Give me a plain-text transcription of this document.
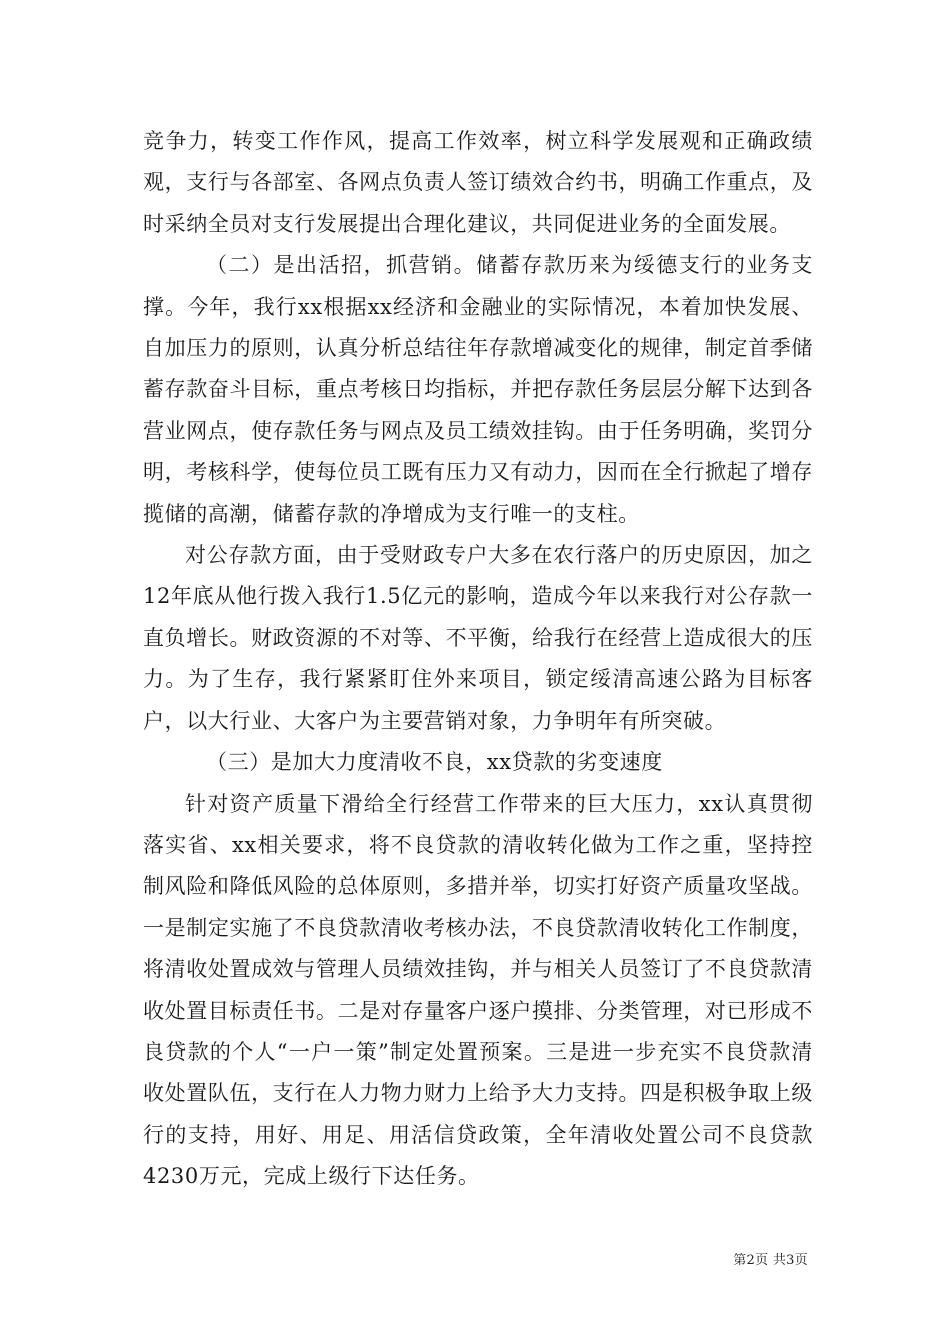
竞争力，转变工作作风，提高工作效率，树立科学发展观和正确政绩观，支行与各部室、各网点负责人签订绩效合约书，明确工作重点，及时采纳全员对支行发展提出合理化建议，共同促进业务的全面发展。

（二）是出活招，抓营销。储蓄存款历来为绥德支行的业务支撑。今年，我行xx根据xx经济和金融业的实际情况，本着加快发展、自加压力的原则，认真分析总结往年存款增减变化的规律，制定首季储蓄存款奋斗目标，重点考核日均指标，并把存款任务层层分解下达到各营业网点，使存款任务与网点及员工绩效挂钩。由于任务明确，奖罚分明，考核科学，使每位员工既有压力又有动力，因而在全行掀起了增存揽储的高潮，储蓄存款的净增成为支行唯一的支柱。

对公存款方面，由于受财政专户大多在农行落户的历史原因，加之12年底从他行拨入我行1.5亿元的影响，造成今年以来我行对公存款一直负增长。财政资源的不对等、不平衡，给我行在经营上造成很大的压力。为了生存，我行紧紧盯住外来项目，锁定绥清高速公路为目标客户，以大行业、大客户为主要营销对象，力争明年有所突破。

（三）是加大力度清收不良，xx贷款的劣变速度

针对资产质量下滑给全行经营工作带来的巨大压力，xx认真贯彻落实省、xx相关要求，将不良贷款的清收转化做为工作之重，坚持控制风险和降低风险的总体原则，多措并举，切实打好资产质量攻坚战。一是制定实施了不良贷款清收考核办法，不良贷款清收转化工作制度，将清收处置成效与管理人员绩效挂钩，并与相关人员签订了不良贷款清收处置目标责任书。二是对存量客户逐户摸排、分类管理，对已形成不良贷款的个人“一户一策”制定处置预案。三是进一步充实不良贷款清收处置队伍，支行在人力物力财力上给予大力支持。四是积极争取上级行的支持，用好、用足、用活信贷政策，全年清收处置公司不良贷款4230万元，完成上级行下达任务。

第2页 共3页
